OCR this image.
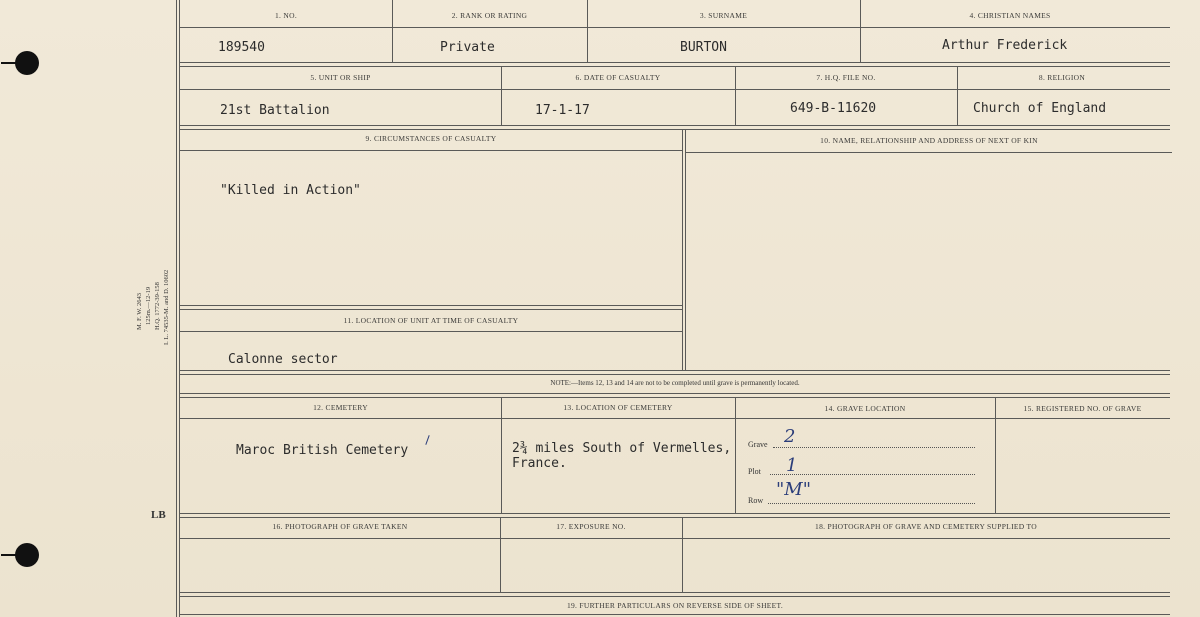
M. F. W. 2643 125m.—12-19 H.Q. 1772-39-158 I. L. 74535-M. and D. 10602
LB
1. NO.	2. RANK OR RATING	3. SURNAME	4. CHRISTIAN NAMES
189540	Private	BURTON	Arthur Frederick
5. UNIT OR SHIP	6. DATE OF CASUALTY	7. H.Q. FILE NO.	8. RELIGION
21st Battalion	17-1-17	649-B-11620	Church of England
9. CIRCUMSTANCES OF CASUALTY	10. NAME, RELATIONSHIP AND ADDRESS OF NEXT OF KIN
"Killed in Action"
11. LOCATION OF UNIT AT TIME OF CASUALTY
Calonne sector
NOTE:—Items 12, 13 and 14 are not to be completed until grave is permanently located.
12. CEMETERY	13. LOCATION OF CEMETERY	14. GRAVE LOCATION	15. REGISTERED NO. OF GRAVE
Maroc British Cemetery	2¾ miles South of Vermelles,
France.
Grave 2
Plot 1
Row
"M"
16. PHOTOGRAPH OF GRAVE TAKEN	17. EXPOSURE NO.	18. PHOTOGRAPH OF GRAVE AND CEMETERY SUPPLIED TO
19. FURTHER PARTICULARS ON REVERSE SIDE OF SHEET.
